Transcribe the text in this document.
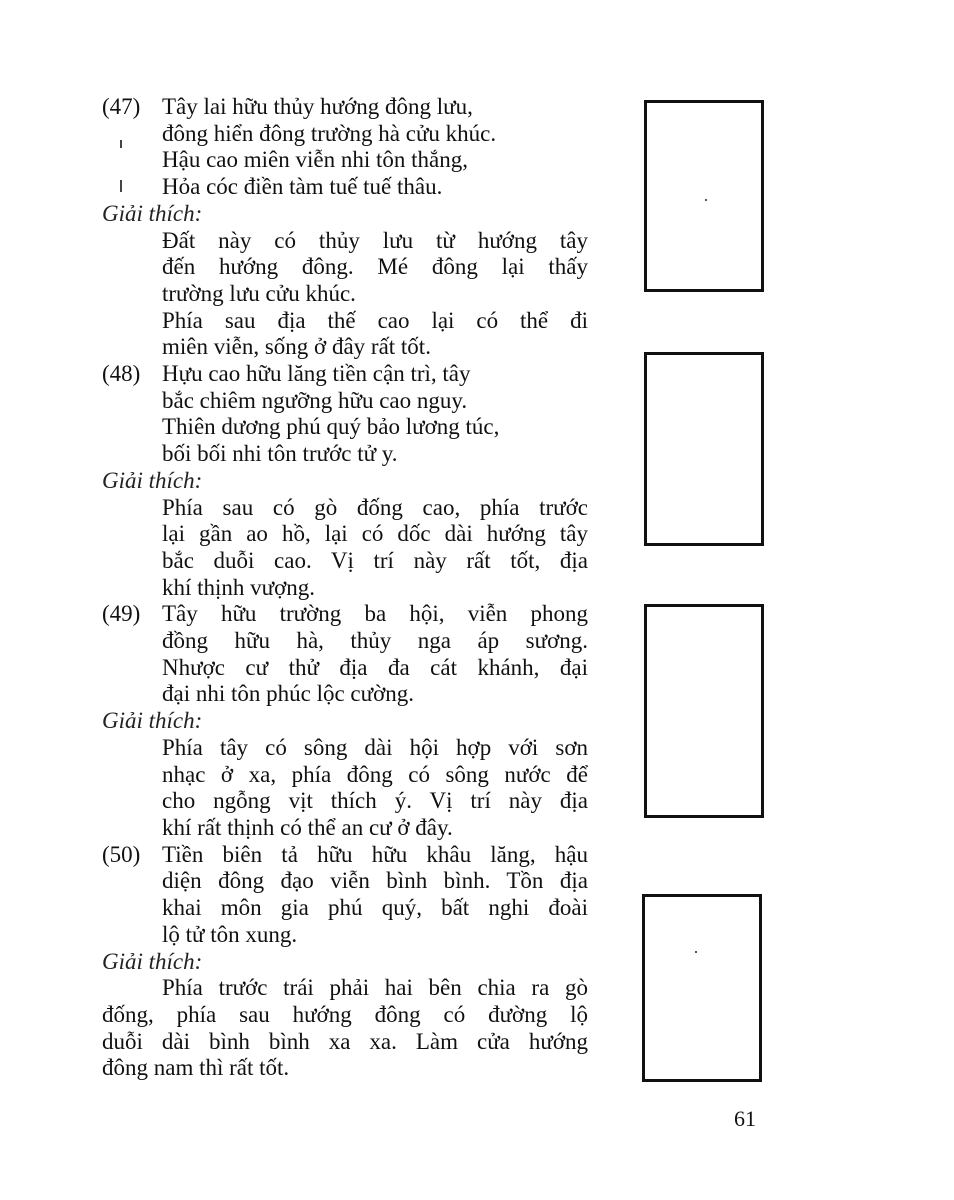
(47) Tây lai hữu thủy hướng đông lưu,
đông hiển đông trường hà cửu khúc.
Hậu cao miên viễn nhi tôn thắng,
Hỏa cóc điền tàm tuế tuế thâu.
Giải thích:
Đất này có thủy lưu từ hướng tây
đến hướng đông. Mé đông lại thấy
trường lưu cửu khúc.
Phía sau địa thế cao lại có thể đi
miên viễn, sống ở đây rất tốt.
(48) Hựu cao hữu lăng tiền cận trì, tây
bắc chiêm ngưỡng hữu cao nguy.
Thiên dương phú quý bảo lương túc,
bối bối nhi tôn trước tử y.
Giải thích:
Phía sau có gò đống cao, phía trước
lại gần ao hồ, lại có dốc dài hướng tây
bắc duỗi cao. Vị trí này rất tốt, địa
khí thịnh vượng.
(49) Tây hữu trường ba hội, viễn phong
đồng hữu hà, thủy nga áp sương.
Nhược cư thử địa đa cát khánh, đại
đại nhi tôn phúc lộc cường.
Giải thích:
Phía tây có sông dài hội hợp với sơn
nhạc ở xa, phía đông có sông nước để
cho ngỗng vịt thích ý. Vị trí này địa
khí rất thịnh có thể an cư ở đây.
(50) Tiền biên tả hữu hữu khâu lăng, hậu
diện đông đạo viễn bình bình. Tồn địa
khai môn gia phú quý, bất nghi đoài
lộ tử tôn xung.
Giải thích:
Phía trước trái phải hai bên chia ra gò
đống, phía sau hướng đông có đường lộ
duỗi dài bình bình xa xa. Làm cửa hướng
đông nam thì rất tốt.
61
